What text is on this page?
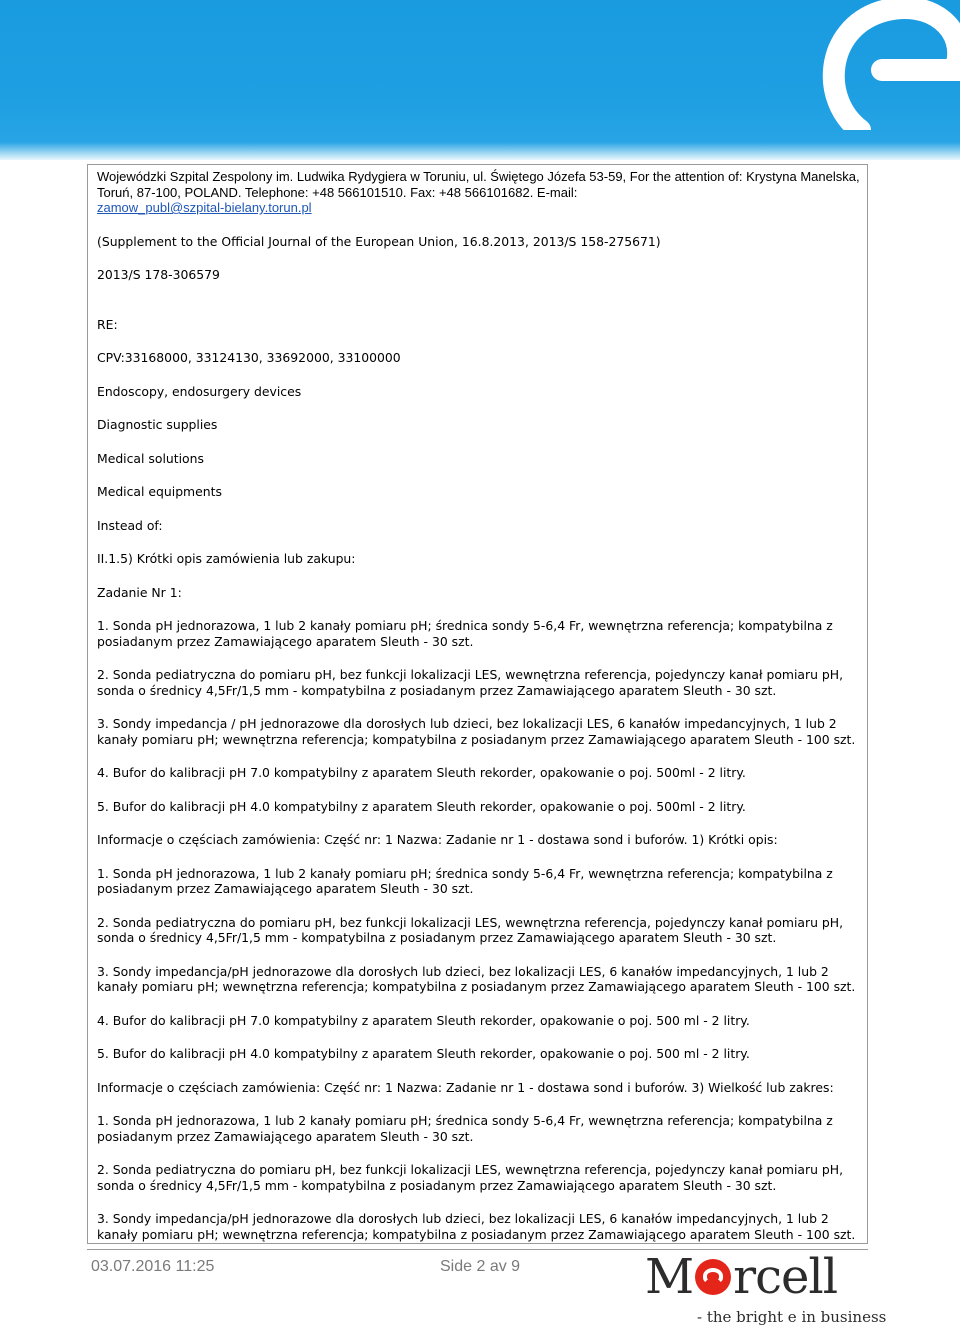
Wojewódzki Szpital Zespolony im. Ludwika Rydygiera w Toruniu, ul. Świętego Józefa 53-59, For the attention of: Krystyna Manelska, Toruń, 87-100, POLAND. Telephone: +48 566101510. Fax: +48 566101682. E-mail:
zamow_publ@szpital-bielany.torun.pl

(Supplement to the Official Journal of the European Union, 16.8.2013, 2013/S 158-275671)

2013/S 178-306579

RE:

CPV:33168000, 33124130, 33692000, 33100000

Endoscopy, endosurgery devices

Diagnostic supplies

Medical solutions

Medical equipments

Instead of:

II.1.5) Krótki opis zamówienia lub zakupu:

Zadanie Nr 1:

1. Sonda pH jednorazowa, 1 lub 2 kanały pomiaru pH; średnica sondy 5-6,4 Fr, wewnętrzna referencja; kompatybilna z posiadanym przez Zamawiającego aparatem Sleuth - 30 szt.

2. Sonda pediatryczna do pomiaru pH, bez funkcji lokalizacji LES, wewnętrzna referencja, pojedynczy kanał pomiaru pH, sonda o średnicy 4,5Fr/1,5 mm - kompatybilna z posiadanym przez Zamawiającego aparatem Sleuth - 30 szt.

3. Sondy impedancja / pH jednorazowe dla dorosłych lub dzieci, bez lokalizacji LES, 6 kanałów impedancyjnych, 1 lub 2 kanały pomiaru pH; wewnętrzna referencja; kompatybilna z posiadanym przez Zamawiającego aparatem Sleuth - 100 szt.

4. Bufor do kalibracji pH 7.0 kompatybilny z aparatem Sleuth rekorder, opakowanie o poj. 500ml - 2 litry.

5. Bufor do kalibracji pH 4.0 kompatybilny z aparatem Sleuth rekorder, opakowanie o poj. 500ml - 2 litry.

Informacje o częściach zamówienia: Część nr: 1 Nazwa: Zadanie nr 1 - dostawa sond i buforów. 1) Krótki opis:

1. Sonda pH jednorazowa, 1 lub 2 kanały pomiaru pH; średnica sondy 5-6,4 Fr, wewnętrzna referencja; kompatybilna z posiadanym przez Zamawiającego aparatem Sleuth - 30 szt.

2. Sonda pediatryczna do pomiaru pH, bez funkcji lokalizacji LES, wewnętrzna referencja, pojedynczy kanał pomiaru pH, sonda o średnicy 4,5Fr/1,5 mm - kompatybilna z posiadanym przez Zamawiającego aparatem Sleuth - 30 szt.

3. Sondy impedancja/pH jednorazowe dla dorosłych lub dzieci, bez lokalizacji LES, 6 kanałów impedancyjnych, 1 lub 2 kanały pomiaru pH; wewnętrzna referencja; kompatybilna z posiadanym przez Zamawiającego aparatem Sleuth - 100 szt.

4. Bufor do kalibracji pH 7.0 kompatybilny z aparatem Sleuth rekorder, opakowanie o poj. 500 ml - 2 litry.

5. Bufor do kalibracji pH 4.0 kompatybilny z aparatem Sleuth rekorder, opakowanie o poj. 500 ml - 2 litry.

Informacje o częściach zamówienia: Część nr: 1 Nazwa: Zadanie nr 1 - dostawa sond i buforów. 3) Wielkość lub zakres:

1. Sonda pH jednorazowa, 1 lub 2 kanały pomiaru pH; średnica sondy 5-6,4 Fr, wewnętrzna referencja; kompatybilna z posiadanym przez Zamawiającego aparatem Sleuth - 30 szt.

2. Sonda pediatryczna do pomiaru pH, bez funkcji lokalizacji LES, wewnętrzna referencja, pojedynczy kanał pomiaru pH, sonda o średnicy 4,5Fr/1,5 mm - kompatybilna z posiadanym przez Zamawiającego aparatem Sleuth - 30 szt.

3. Sondy impedancja/pH jednorazowe dla dorosłych lub dzieci, bez lokalizacji LES, 6 kanałów impedancyjnych, 1 lub 2 kanały pomiaru pH; wewnętrzna referencja; kompatybilna z posiadanym przez Zamawiającego aparatem Sleuth - 100 szt.

03.07.2016 11:25	Side 2 av 9	M rcell
- the bright e in business
